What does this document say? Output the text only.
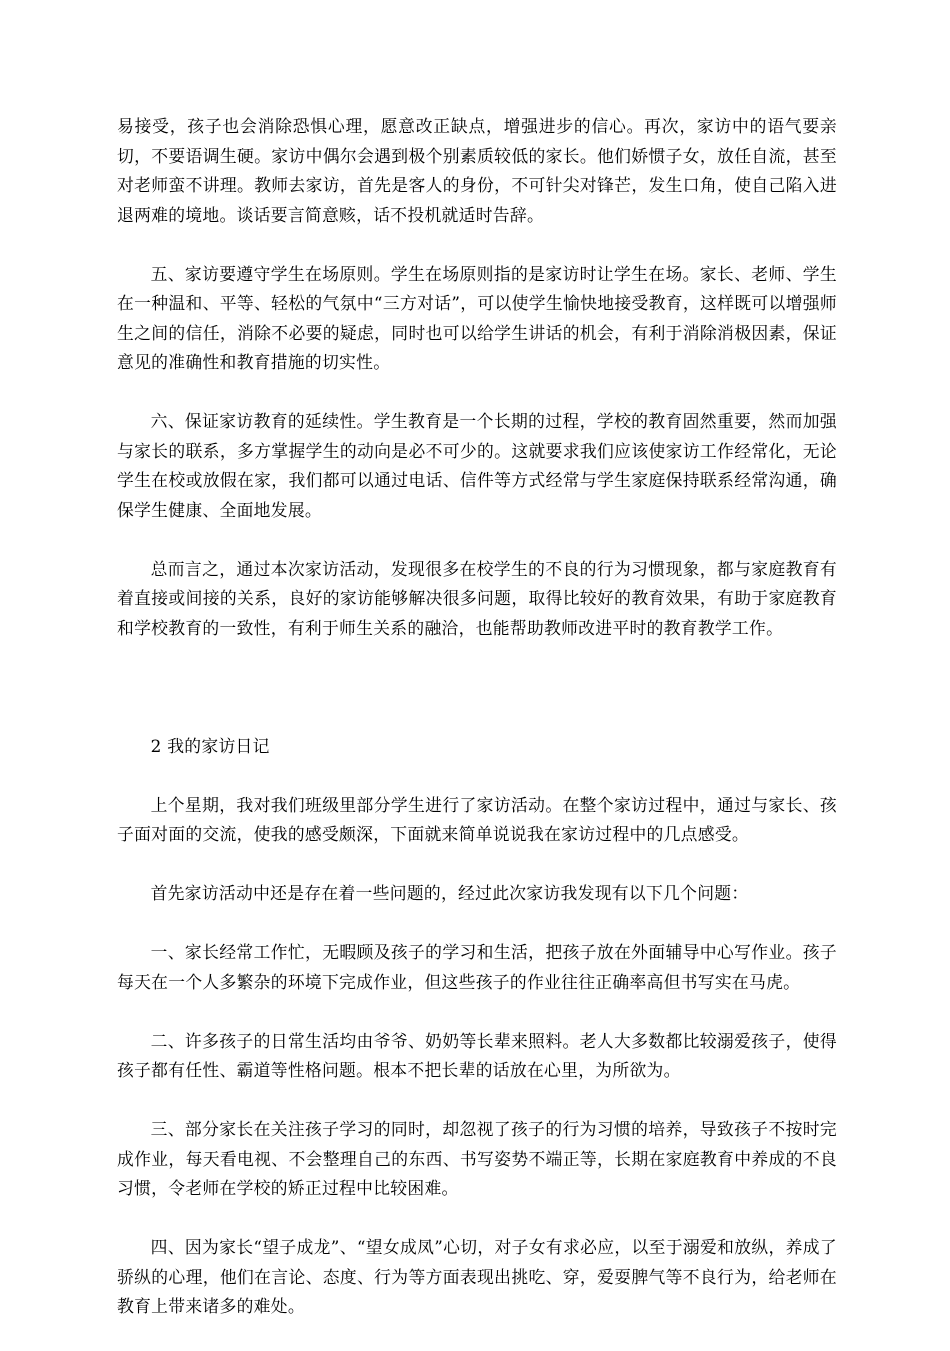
易接受，孩子也会消除恐惧心理，愿意改正缺点，增强进步的信心。再次，家访中的语气要亲切，不要语调生硬。家访中偶尔会遇到极个别素质较低的家长。他们娇惯子女，放任自流，甚至对老师蛮不讲理。教师去家访，首先是客人的身份，不可针尖对锋芒，发生口角，使自己陷入进退两难的境地。谈话要言简意赅，话不投机就适时告辞。

五、家访要遵守学生在场原则。学生在场原则指的是家访时让学生在场。家长、老师、学生在一种温和、平等、轻松的气氛中“三方对话”，可以使学生愉快地接受教育，这样既可以增强师生之间的信任，消除不必要的疑虑，同时也可以给学生讲话的机会，有利于消除消极因素，保证意见的准确性和教育措施的切实性。

六、保证家访教育的延续性。学生教育是一个长期的过程，学校的教育固然重要，然而加强与家长的联系，多方掌握学生的动向是必不可少的。这就要求我们应该使家访工作经常化，无论学生在校或放假在家，我们都可以通过电话、信件等方式经常与学生家庭保持联系经常沟通，确保学生健康、全面地发展。

总而言之，通过本次家访活动，发现很多在校学生的不良的行为习惯现象，都与家庭教育有着直接或间接的关系，良好的家访能够解决很多问题，取得比较好的教育效果，有助于家庭教育和学校教育的一致性，有利于师生关系的融洽，也能帮助教师改进平时的教育教学工作。

2 我的家访日记

上个星期，我对我们班级里部分学生进行了家访活动。在整个家访过程中，通过与家长、孩子面对面的交流，使我的感受颇深，下面就来简单说说我在家访过程中的几点感受。

首先家访活动中还是存在着一些问题的，经过此次家访我发现有以下几个问题：

一、家长经常工作忙，无暇顾及孩子的学习和生活，把孩子放在外面辅导中心写作业。孩子每天在一个人多繁杂的环境下完成作业，但这些孩子的作业往往正确率高但书写实在马虎。

二、许多孩子的日常生活均由爷爷、奶奶等长辈来照料。老人大多数都比较溺爱孩子，使得孩子都有任性、霸道等性格问题。根本不把长辈的话放在心里，为所欲为。

三、部分家长在关注孩子学习的同时，却忽视了孩子的行为习惯的培养，导致孩子不按时完成作业，每天看电视、不会整理自己的东西、书写姿势不端正等，长期在家庭教育中养成的不良习惯，令老师在学校的矫正过程中比较困难。

四、因为家长“望子成龙”、“望女成凤”心切，对子女有求必应，以至于溺爱和放纵，养成了骄纵的心理，他们在言论、态度、行为等方面表现出挑吃、穿，爱耍脾气等不良行为，给老师在教育上带来诸多的难处。
